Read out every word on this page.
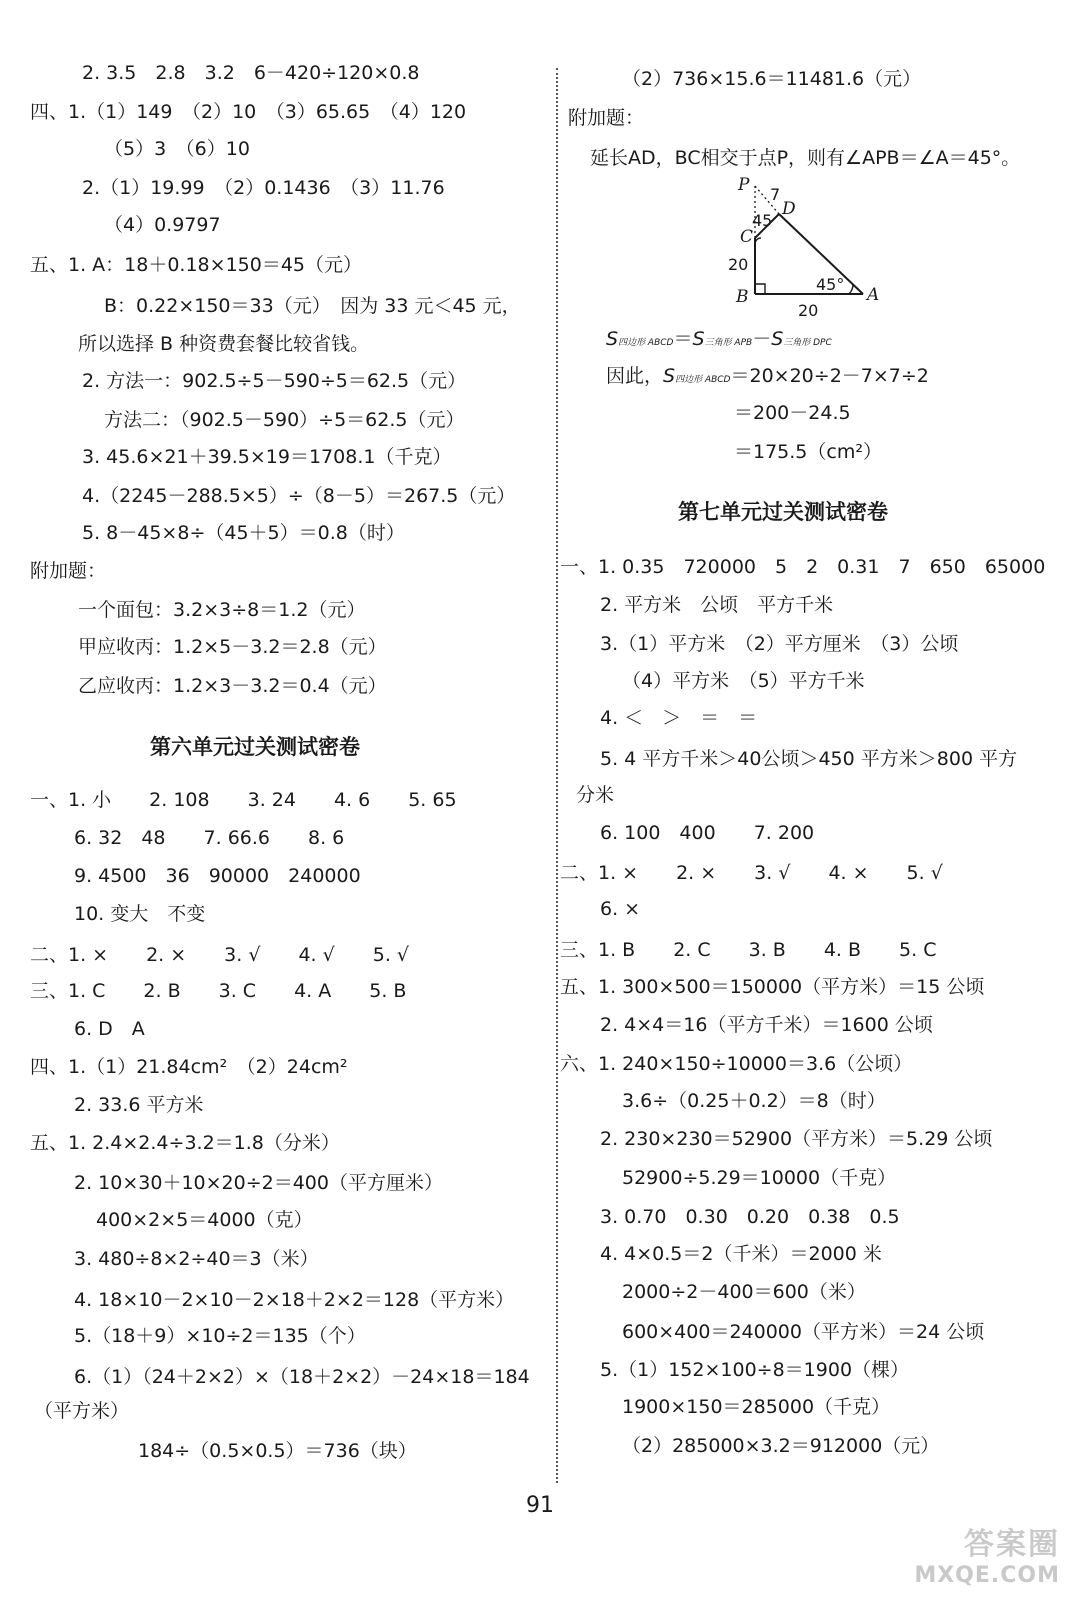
2. 3.5　2.8　3.2　6－420÷120×0.8
四、1.（1）149　（2）10　（3）65.65　（4）120
（5）3　（6）10
2.（1）19.99　（2）0.1436　（3）11.76
（4）0.9797
五、1. A：18＋0.18×150＝45（元）
B：0.22×150＝33（元）　因为 33 元＜45 元，
所以选择 B 种资费套餐比较省钱。
2. 方法一：902.5÷5－590÷5＝62.5（元）
方法二：（902.5－590）÷5＝62.5（元）
3. 45.6×21＋39.5×19＝1708.1（千克）
4.（2245－288.5×5）÷（8－5）＝267.5（元）
5. 8－45×8÷（45＋5）＝0.8（时）
附加题：
一个面包：3.2×3÷8＝1.2（元）
甲应收丙：1.2×5－3.2＝2.8（元）
乙应收丙：1.2×3－3.2＝0.4（元）
第六单元过关测试密卷
一、1. 小　　2. 108　　3. 24　　4. 6　　5. 65
6. 32　48　　7. 66.6　　8. 6
9. 4500　36　90000　240000
10. 变大　不变
二、1. ×　　2. ×　　3. √　　4. √　　5. √
三、1. C　　2. B　　3. C　　4. A　　5. B
6. D　A
四、1.（1）21.84cm²　（2）24cm²
2. 33.6 平方米
五、1. 2.4×2.4÷3.2＝1.8（分米）
2. 10×30＋10×20÷2＝400（平方厘米）
400×2×5＝4000（克）
3. 480÷8×2÷40＝3（米）
4. 18×10－2×10－2×18＋2×2＝128（平方米）
5.（18＋9）×10÷2＝135（个）
6.（1）（24＋2×2）×（18＋2×2）－24×18＝184
（平方米）
184÷（0.5×0.5）＝736（块）
（2）736×15.6＝11481.6（元）
附加题：
延长AD，BC相交于点P，则有∠APB＝∠A＝45°。
P
D
C
B	A
7
45
20
20
45°
S四边形 ABCD＝S三角形 APB－S三角形 DPC
因此，S四边形 ABCD＝20×20÷2－7×7÷2
＝200－24.5
＝175.5（cm²）
第七单元过关测试密卷
一、1. 0.35　720000　5　2　0.31　7　650　65000
2. 平方米　公顷　平方千米
3.（1）平方米　（2）平方厘米　（3）公顷
（4）平方米　（5）平方千米
4. ＜　＞　＝　＝
5. 4 平方千米＞40公顷＞450 平方米＞800 平方
分米
6. 100　400　　7. 200
二、1. ×　　2. ×　　3. √　　4. ×　　5. √
6. ×
三、1. B　　2. C　　3. B　　4. B　　5. C
五、1. 300×500＝150000（平方米）＝15 公顷
2. 4×4＝16（平方千米）＝1600 公顷
六、1. 240×150÷10000＝3.6（公顷）
3.6÷（0.25＋0.2）＝8（时）
2. 230×230＝52900（平方米）＝5.29 公顷
52900÷5.29＝10000（千克）
3. 0.70　0.30　0.20　0.38　0.5
4. 4×0.5＝2（千米）＝2000 米
2000÷2－400＝600（米）
600×400＝240000（平方米）＝24 公顷
5.（1）152×100÷8＝1900（棵）
1900×150＝285000（千克）
（2）285000×3.2＝912000（元）
91
答案圈
MXQE.COM
